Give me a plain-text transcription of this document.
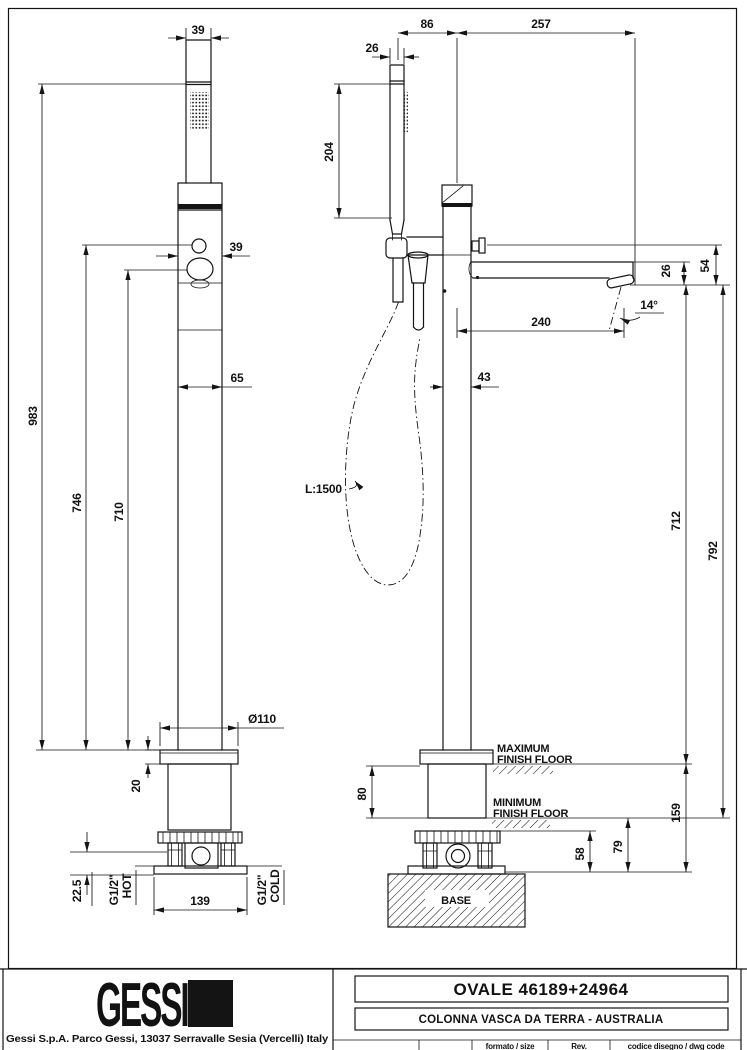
BASE
MAXIMUM
FINISH FLOOR
MINIMUM
FINISH FLOOR
39
983
746 710
39
65
Ø110
20
22.5 G1/2" HOT
139	G1/2" COLD
26
86	257
204
54
26
240
14°
43
L:1500
712
159
792
80
58
79
GESSI
Gessi S.p.A. Parco Gessi, 13037 Serravalle Sesia (Vercelli) Italy
OVALE 46189+24964
COLONNA VASCA DA TERRA - AUSTRALIA
formato / size	Rev.	codice disegno / dwg code
